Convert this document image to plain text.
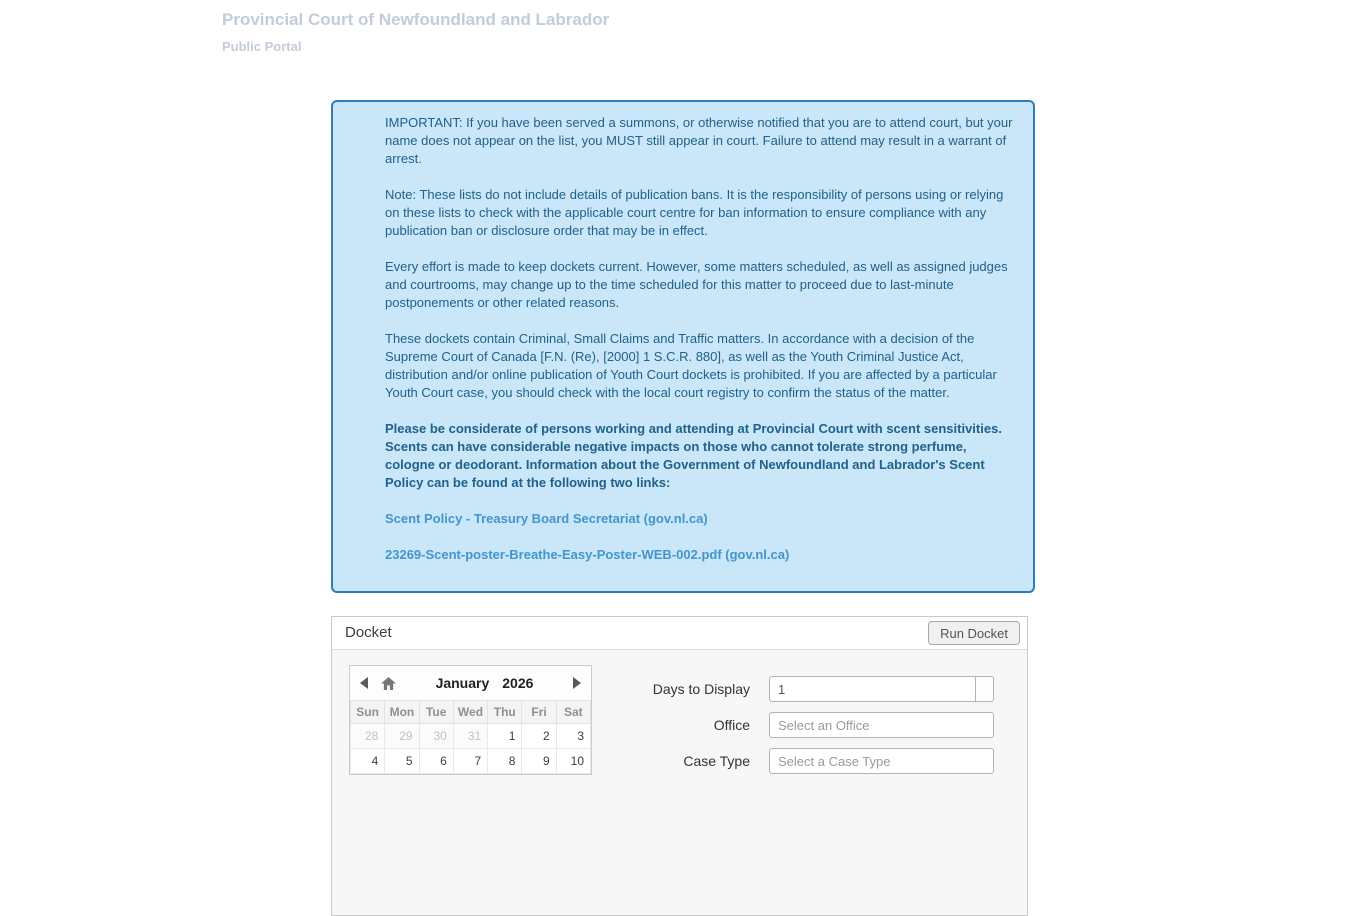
Provincial Court of Newfoundland and Labrador
Public Portal

IMPORTANT: If you have been served a summons, or otherwise notified that you are to attend court, but your name does not appear on the list, you MUST still appear in court. Failure to attend may result in a warrant of arrest.

Note: These lists do not include details of publication bans. It is the responsibility of persons using or relying on these lists to check with the applicable court centre for ban information to ensure compliance with any publication ban or disclosure order that may be in effect.

Every effort is made to keep dockets current. However, some matters scheduled, as well as assigned judges and courtrooms, may change up to the time scheduled for this matter to proceed due to last-minute postponements or other related reasons.

These dockets contain Criminal, Small Claims and Traffic matters. In accordance with a decision of the Supreme Court of Canada [F.N. (Re), [2000] 1 S.C.R. 880], as well as the Youth Criminal Justice Act, distribution and/or online publication of Youth Court dockets is prohibited. If you are affected by a particular Youth Court case, you should check with the local court registry to confirm the status of the matter.

Please be considerate of persons working and attending at Provincial Court with scent sensitivities. Scents can have considerable negative impacts on those who cannot tolerate strong perfume, cologne or deodorant. Information about the Government of Newfoundland and Labrador's Scent Policy can be found at the following two links:

Scent Policy - Treasury Board Secretariat (gov.nl.ca)
23269-Scent-poster-Breathe-Easy-Poster-WEB-002.pdf (gov.nl.ca)
Docket	Run Docket
January 2026
Sun	Mon	Tue	Wed	Thu	Fri	Sat
28	29	30	31	1	2	3
4	5	6	7	8	9	10
Days to Display
1
Office
Select an Office
Case Type
Select a Case Type
